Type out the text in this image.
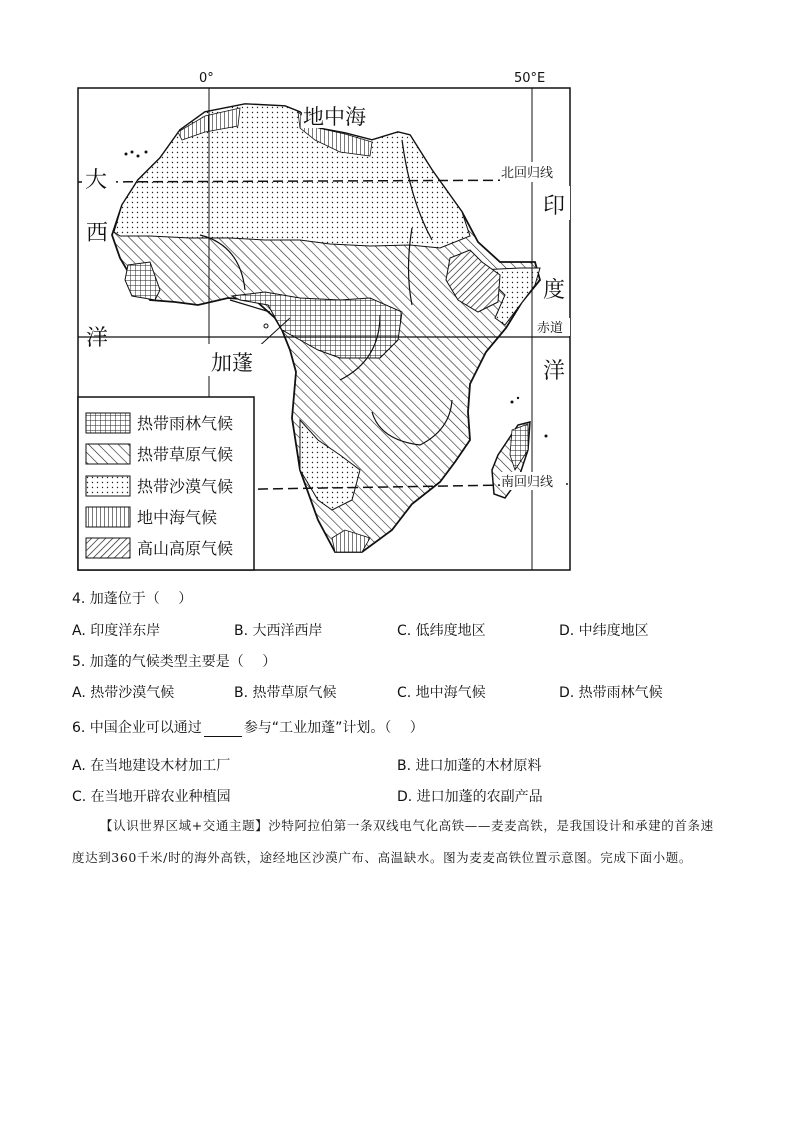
0°	50°E
地中海
大
西
洋
印
度
洋
北回归线
赤道
南回归线
加蓬
热带雨林气候
热带草原气候
热带沙漠气候
地中海气候
高山高原气候
4. 加蓬位于（　 ）
A. 印度洋东岸	B. 大西洋西岸	C. 低纬度地区	D. 中纬度地区
5. 加蓬的气候类型主要是（　 ）
A. 热带沙漠气候	B. 热带草原气候	C. 地中海气候	D. 热带雨林气候
6. 中国企业可以通过	参与“工业加蓬”计划。（　 ）
A. 在当地建设木材加工厂	B. 进口加蓬的木材原料
C. 在当地开辟农业种植园	D. 进口加蓬的农副产品
【认识世界区域+交通主题】沙特阿拉伯第一条双线电气化高铁——麦麦高铁，是我国设计和承建的首条速度达到360千米/时的海外高铁，途经地区沙漠广布、高温缺水。图为麦麦高铁位置示意图。完成下面小题。
